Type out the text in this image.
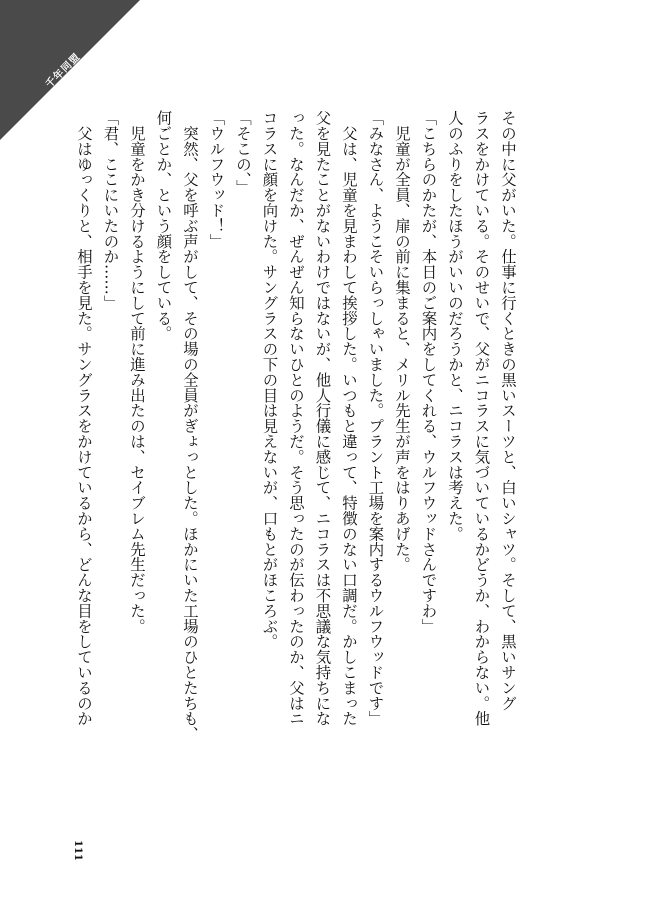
千年同盟

その中に父がいた。仕事に行くときの黒いスーツと、白いシャツ。そして、黒いサング

ラスをかけている。そのせいで、父がニコラスに気づいているかどうか、わからない。他

人のふりをしたほうがいいのだろうかと、ニコラスは考えた。

「こちらのかたが、本日のご案内をしてくれる、ウルフウッドさんですわ」

　児童が全員、扉の前に集まると、メリル先生が声をはりあげた。

「みなさん、ようこそいらっしゃいました。プラント工場を案内するウルフウッドです」

　父は、児童を見まわして挨拶した。いつもと違って、特徴のない口調だ。かしこまった

父を見たことがないわけではないが、他人行儀に感じて、ニコラスは不思議な気持ちにな

った。なんだか、ぜんぜん知らないひとのようだ。そう思ったのが伝わったのか、父はニ

コラスに顔を向けた。サングラスの下の目は見えないが、口もとがほころぶ。

「そこの、」

「ウルフウッド！」

　突然、父を呼ぶ声がして、その場の全員がぎょっとした。ほかにいた工場のひとたちも、

何ごとか、という顔をしている。

　児童をかき分けるようにして前に進み出たのは、セイブレム先生だった。

「君、ここにいたのか……」

　父はゆっくりと、相手を見た。サングラスをかけているから、どんな目をしているのか

111
